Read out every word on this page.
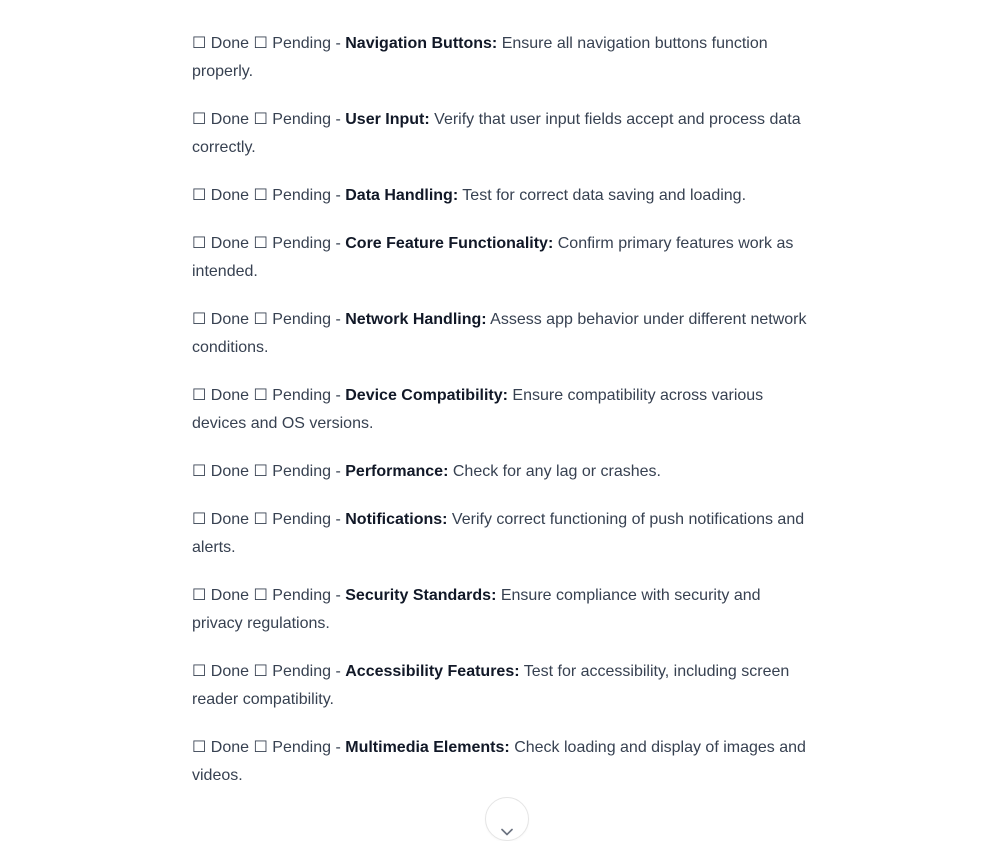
☐ Done ☐ Pending - Navigation Buttons: Ensure all navigation buttons function properly.

☐ Done ☐ Pending - User Input: Verify that user input fields accept and process data correctly.

☐ Done ☐ Pending - Data Handling: Test for correct data saving and loading.

☐ Done ☐ Pending - Core Feature Functionality: Confirm primary features work as intended.

☐ Done ☐ Pending - Network Handling: Assess app behavior under different network conditions.

☐ Done ☐ Pending - Device Compatibility: Ensure compatibility across various devices and OS versions.

☐ Done ☐ Pending - Performance: Check for any lag or crashes.

☐ Done ☐ Pending - Notifications: Verify correct functioning of push notifications and alerts.

☐ Done ☐ Pending - Security Standards: Ensure compliance with security and privacy regulations.

☐ Done ☐ Pending - Accessibility Features: Test for accessibility, including screen reader compatibility.

☐ Done ☐ Pending - Multimedia Elements: Check loading and display of images and videos.
